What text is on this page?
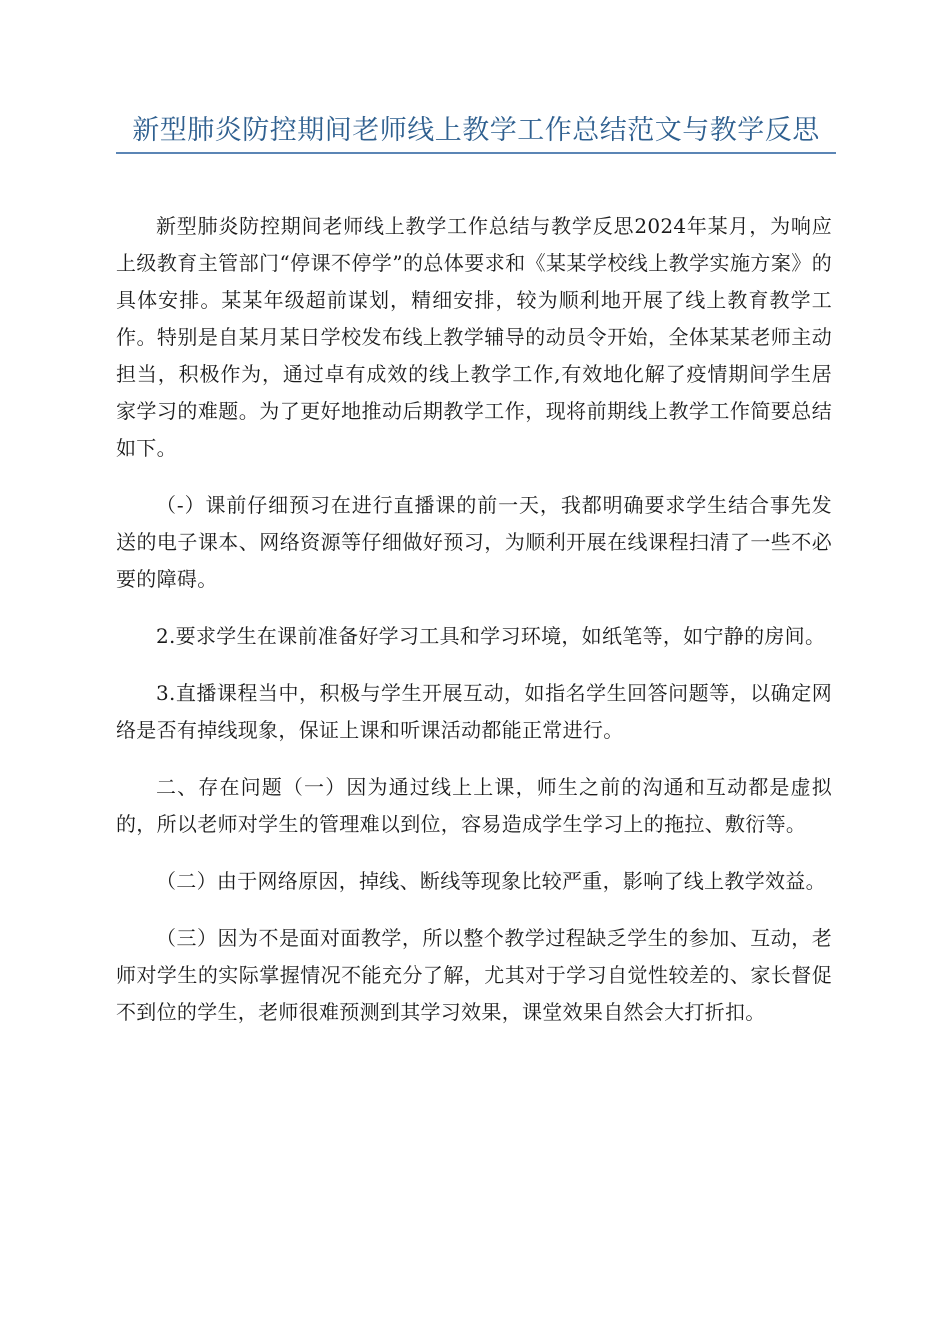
新型肺炎防控期间老师线上教学工作总结范文与教学反思

新型肺炎防控期间老师线上教学工作总结与教学反思2024年某月，为响应上级教育主管部门“停课不停学”的总体要求和《某某学校线上教学实施方案》的具体安排。某某年级超前谋划，精细安排，较为顺利地开展了线上教育教学工作。特别是自某月某日学校发布线上教学辅导的动员令开始，全体某某老师主动担当，积极作为，通过卓有成效的线上教学工作,有效地化解了疫情期间学生居家学习的难题。为了更好地推动后期教学工作，现将前期线上教学工作简要总结如下。

（-）课前仔细预习在进行直播课的前一天，我都明确要求学生结合事先发送的电子课本、网络资源等仔细做好预习，为顺利开展在线课程扫清了一些不必要的障碍。

2.要求学生在课前准备好学习工具和学习环境，如纸笔等，如宁静的房间。

3.直播课程当中，积极与学生开展互动，如指名学生回答问题等，以确定网络是否有掉线现象，保证上课和听课活动都能正常进行。

二、存在问题（一）因为通过线上上课，师生之前的沟通和互动都是虚拟的，所以老师对学生的管理难以到位，容易造成学生学习上的拖拉、敷衍等。

（二）由于网络原因，掉线、断线等现象比较严重，影响了线上教学效益。

（三）因为不是面对面教学，所以整个教学过程缺乏学生的参加、互动，老师对学生的实际掌握情况不能充分了解，尤其对于学习自觉性较差的、家长督促不到位的学生，老师很难预测到其学习效果，课堂效果自然会大打折扣。
